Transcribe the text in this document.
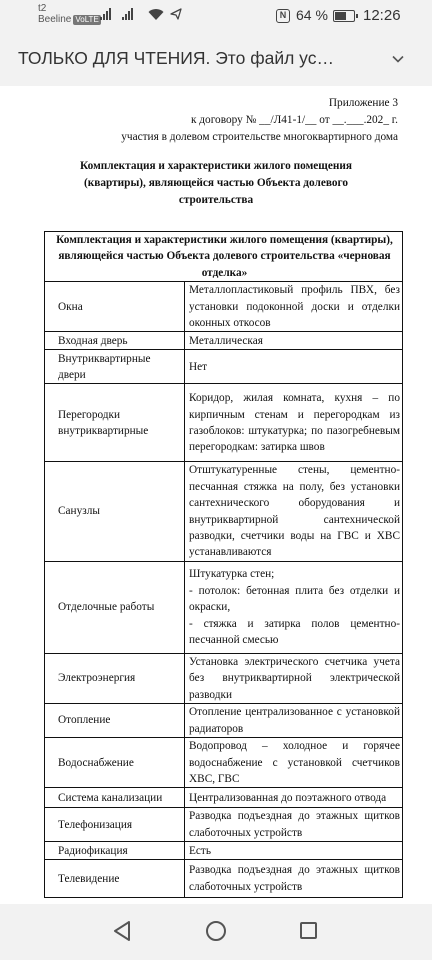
t2
Beeline VoLTE	N 64 % 12:26
ТОЛЬКО ДЛЯ ЧТЕНИЯ. Это файл ус…
Приложение 3
к договору № __/Л41-1/__ от __.___.202_ г.
участия в долевом строительстве многоквартирного дома
Комплектация и характеристики жилого помещения
(квартиры), являющейся частью Объекта долевого
строительства
Комплектация и характеристики жилого помещения (квартиры), являющейся частью Объекта долевого строительства «черновая отделка»	
Окна	Металлопластиковый профиль ПВХ, без установки подоконной доски и отделки оконных откосов
Входная дверь	Металлическая
Внутриквартирные двери	Нет
Перегородки внутриквартирные	Коридор, жилая комната, кухня – по кирпичным стенам и перегородкам из газоблоков: штукатурка; по пазогребневым перегородкам: затирка швов
Санузлы	Отштукатуренные стены, цементно-песчанная стяжка на полу, без установки сантехнического оборудования и внутриквартирной сантехнической разводки, счетчики воды на ГВС и ХВС устанавливаются
Отделочные работы	Штукатурка стен;
- потолок: бетонная плита без отделки и окраски,
- стяжка и затирка полов цементно-песчанной смесью
Электроэнергия	Установка электрического счетчика учета без внутриквартирной электрической разводки
Отопление	Отопление централизованное с установкой радиаторов
Водоснабжение	Водопровод – холодное и горячее водоснабжение с установкой счетчиков ХВС, ГВС
Система канализации	Централизованная до поэтажного отвода
Телефонизация	Разводка подъездная до этажных щитков слаботочных устройств
Радиофикация	Есть
Телевидение	Разводка подъездная до этажных щитков слаботочных устройств
